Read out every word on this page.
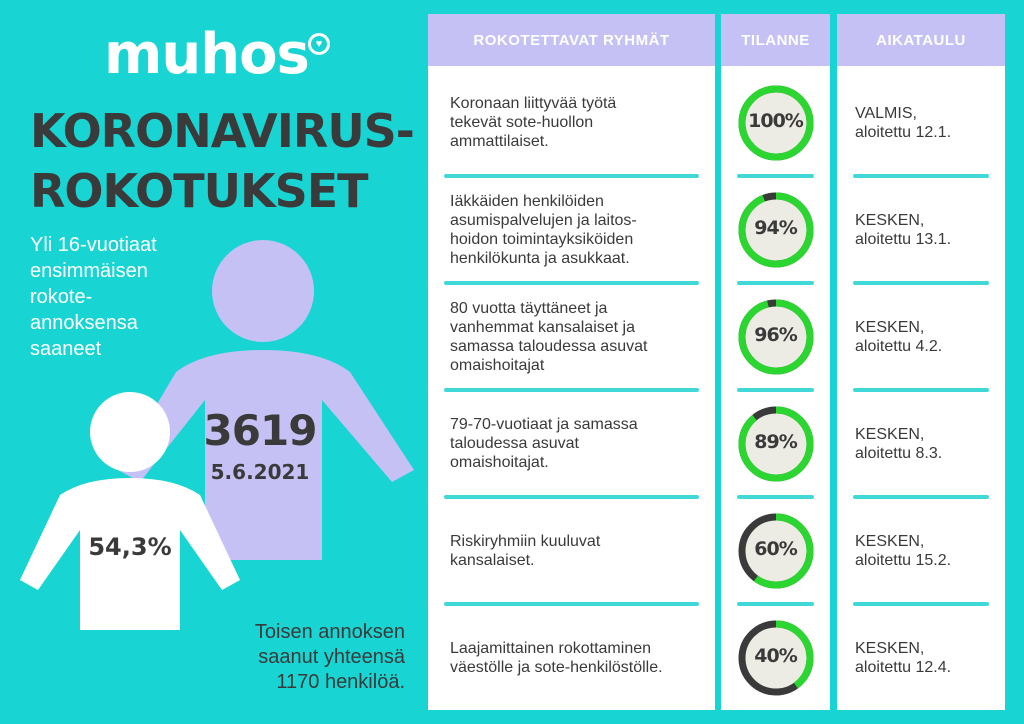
muhos ♥
KORONAVIRUS-
ROKOTUKSET
Yli 16-vuotiaat
ensimmäisen
rokote-
annoksensa
saaneet
3619
5.6.2021
54,3%
Toisen annoksen
saanut yhteensä
1170 henkilöä.
ROKOTETTAVAT RYHMÄT
Koronaan liittyvää työtä
tekevät sote-huollon
ammattilaiset.
Iäkkäiden henkilöiden
asumispalvelujen ja laitos-
hoidon toimintayksiköiden
henkilökunta ja asukkaat.
80 vuotta täyttäneet ja
vanhemmat kansalaiset ja
samassa taloudessa asuvat
omaishoitajat
79-70-vuotiaat ja samassa
taloudessa asuvat
omaishoitajat.
Riskiryhmiin kuuluvat
kansalaiset.
Laajamittainen rokottaminen
väestölle ja sote-henkilöstölle.
TILANNE
100%
94%
96%
89%
60%
40%
AIKATAULU
VALMIS,
aloitettu 12.1.
KESKEN,
aloitettu 13.1.
KESKEN,
aloitettu 4.2.
KESKEN,
aloitettu 8.3.
KESKEN,
aloitettu 15.2.
KESKEN,
aloitettu 12.4.
